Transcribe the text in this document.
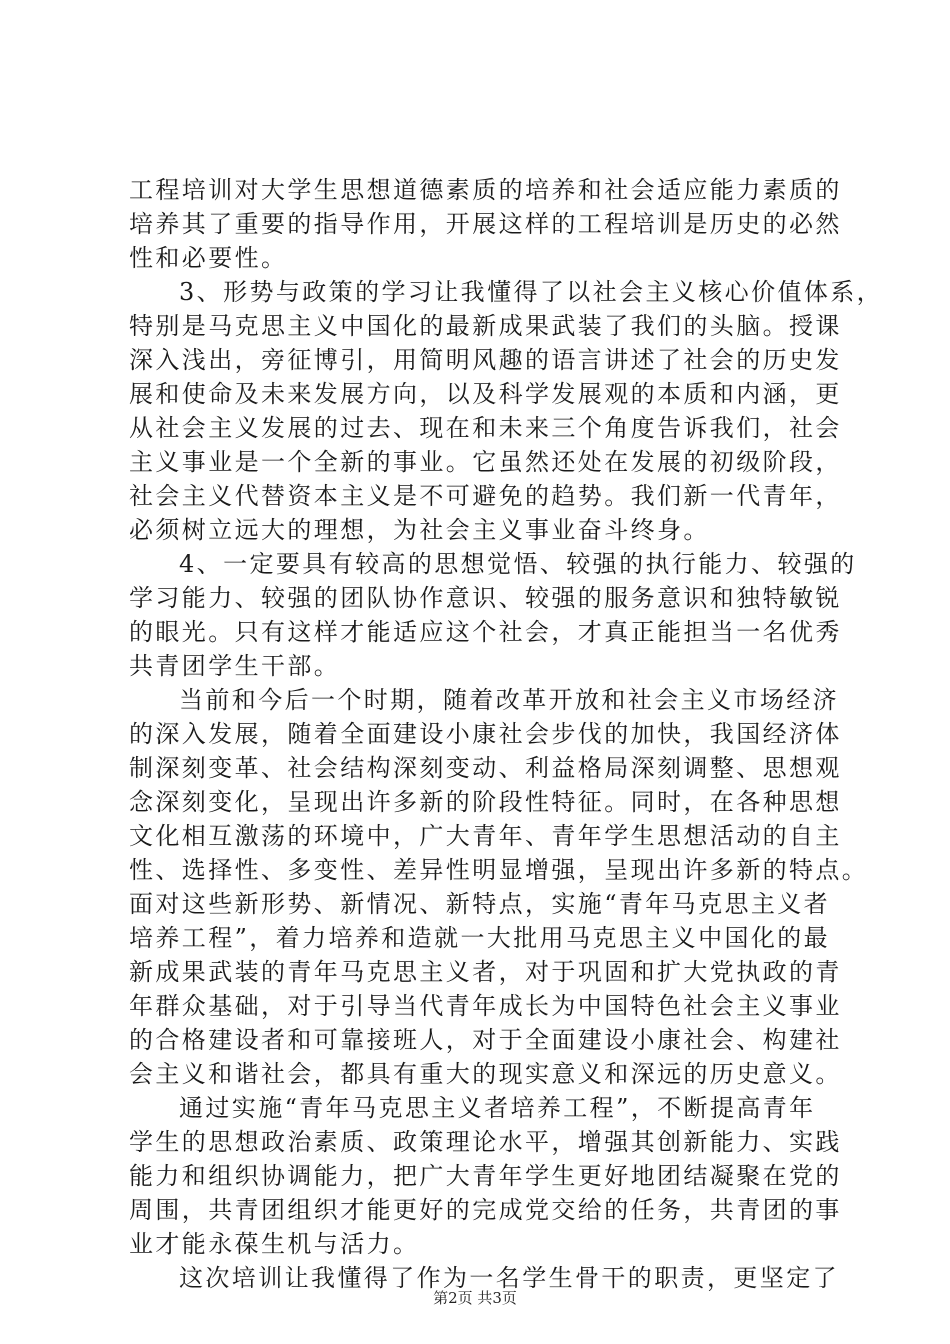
工程培训对大学生思想道德素质的培养和社会适应能力素质的
培养其了重要的指导作用，开展这样的工程培训是历史的必然
性和必要性。
3、形势与政策的学习让我懂得了以社会主义核心价值体系，
特别是马克思主义中国化的最新成果武装了我们的头脑。授课
深入浅出，旁征博引，用简明风趣的语言讲述了社会的历史发
展和使命及未来发展方向，以及科学发展观的本质和内涵，更
从社会主义发展的过去、现在和未来三个角度告诉我们，社会
主义事业是一个全新的事业。它虽然还处在发展的初级阶段，
社会主义代替资本主义是不可避免的趋势。我们新一代青年，
必须树立远大的理想，为社会主义事业奋斗终身。
4、一定要具有较高的思想觉悟、较强的执行能力、较强的
学习能力、较强的团队协作意识、较强的服务意识和独特敏锐
的眼光。只有这样才能适应这个社会，才真正能担当一名优秀
共青团学生干部。
当前和今后一个时期，随着改革开放和社会主义市场经济
的深入发展，随着全面建设小康社会步伐的加快，我国经济体
制深刻变革、社会结构深刻变动、利益格局深刻调整、思想观
念深刻变化，呈现出许多新的阶段性特征。同时，在各种思想
文化相互激荡的环境中，广大青年、青年学生思想活动的自主
性、选择性、多变性、差异性明显增强，呈现出许多新的特点。
面对这些新形势、新情况、新特点，实施“青年马克思主义者
培养工程”，着力培养和造就一大批用马克思主义中国化的最
新成果武装的青年马克思主义者，对于巩固和扩大党执政的青
年群众基础，对于引导当代青年成长为中国特色社会主义事业
的合格建设者和可靠接班人，对于全面建设小康社会、构建社
会主义和谐社会，都具有重大的现实意义和深远的历史意义。
通过实施“青年马克思主义者培养工程”，不断提高青年
学生的思想政治素质、政策理论水平，增强其创新能力、实践
能力和组织协调能力，把广大青年学生更好地团结凝聚在党的
周围，共青团组织才能更好的完成党交给的任务，共青团的事
业才能永葆生机与活力。
这次培训让我懂得了作为一名学生骨干的职责，更坚定了
第2页 共3页
